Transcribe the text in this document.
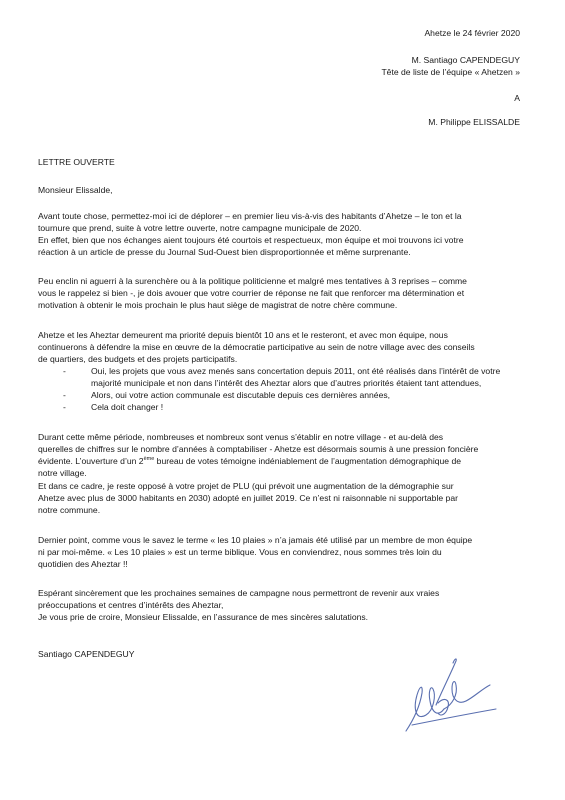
Ahetze le 24 février 2020
M. Santiago CAPENDEGUY
Tête de liste de l’équipe « Ahetzen »
A
M. Philippe ELISSALDE
LETTRE OUVERTE
Monsieur Elissalde,
Avant toute chose, permettez-moi ici de déplorer – en premier lieu vis-à-vis des habitants d’Ahetze – le ton et la
tournure que prend, suite à votre lettre ouverte, notre campagne municipale de 2020.
En effet, bien que nos échanges aient toujours été courtois et respectueux, mon équipe et moi trouvons ici votre
réaction à un article de presse du Journal Sud-Ouest bien disproportionnée et même surprenante.
Peu enclin ni aguerri à la surenchère ou à la politique politicienne et malgré mes tentatives à 3 reprises – comme
vous le rappelez si bien -, je dois avouer que votre courrier de réponse ne fait que renforcer ma détermination et
motivation à obtenir le mois prochain le plus haut siège de magistrat de notre chère commune.
Ahetze et les Aheztar demeurent ma priorité depuis bientôt 10 ans et le resteront, et avec mon équipe, nous
continuerons à défendre la mise en œuvre de la démocratie participative au sein de notre village avec des conseils
de quartiers, des budgets et des projets participatifs.
-	Oui, les projets que vous avez menés sans concertation depuis 2011, ont été réalisés dans l’intérêt de votre
majorité municipale et non dans l’intérêt des Aheztar alors que d’autres priorités étaient tant attendues,
-	Alors, oui votre action communale est discutable depuis ces dernières années,
-	Cela doit changer !
Durant cette même période, nombreuses et nombreux sont venus s’établir en notre village - et au-delà des
querelles de chiffres sur le nombre d’années à comptabiliser - Ahetze est désormais soumis à une pression foncière
évidente. L’ouverture d’un 2ème bureau de votes témoigne indéniablement de l’augmentation démographique de
notre village.
Et dans ce cadre, je reste opposé à votre projet de PLU (qui prévoit une augmentation de la démographie sur
Ahetze avec plus de 3000 habitants en 2030) adopté en juillet 2019. Ce n’est ni raisonnable ni supportable par
notre commune.
Dernier point, comme vous le savez le terme « les 10 plaies » n’a jamais été utilisé par un membre de mon équipe
ni par moi-même. « Les 10 plaies » est un terme biblique. Vous en conviendrez, nous sommes très loin du
quotidien des Aheztar !!
Espérant sincèrement que les prochaines semaines de campagne nous permettront de revenir aux vraies
préoccupations et centres d’intérêts des Aheztar,
Je vous prie de croire, Monsieur Elissalde, en l’assurance de mes sincères salutations.
Santiago CAPENDEGUY
